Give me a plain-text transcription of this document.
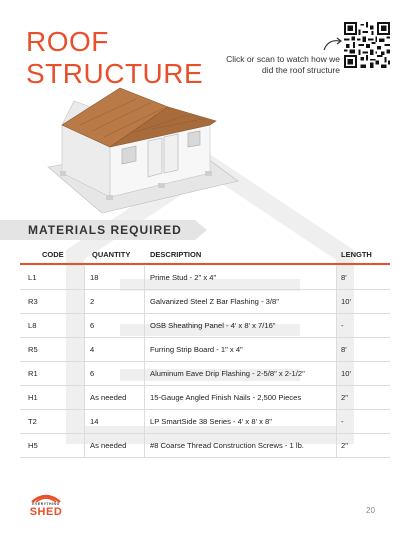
ROOF
STRUCTURE	Click or scan to watch how we did the roof structure
MATERIALS REQUIRED
CODE	QUANTITY	DESCRIPTION	LENGTH
L1	18	Prime Stud - 2" x 4"	8'
R3	2	Galvanized Steel Z Bar Flashing - 3/8"	10'
L8	6	OSB Sheathing Panel - 4' x 8' x 7/16"	-
R5	4	Furring Strip Board - 1" x 4"	8'
R1	6	Aluminum Eave Drip Flashing - 2-5/8" x 2-1/2"	10'
H1	As needed	15-Gauge Angled Finish Nails - 2,500 Pieces	2"
T2	14	LP SmartSide 38 Series - 4' x 8' x 8"	-
H5	As needed	#8 Coarse Thread Construction Screws - 1 lb.	2"
EVERYTHING
SHED	20
